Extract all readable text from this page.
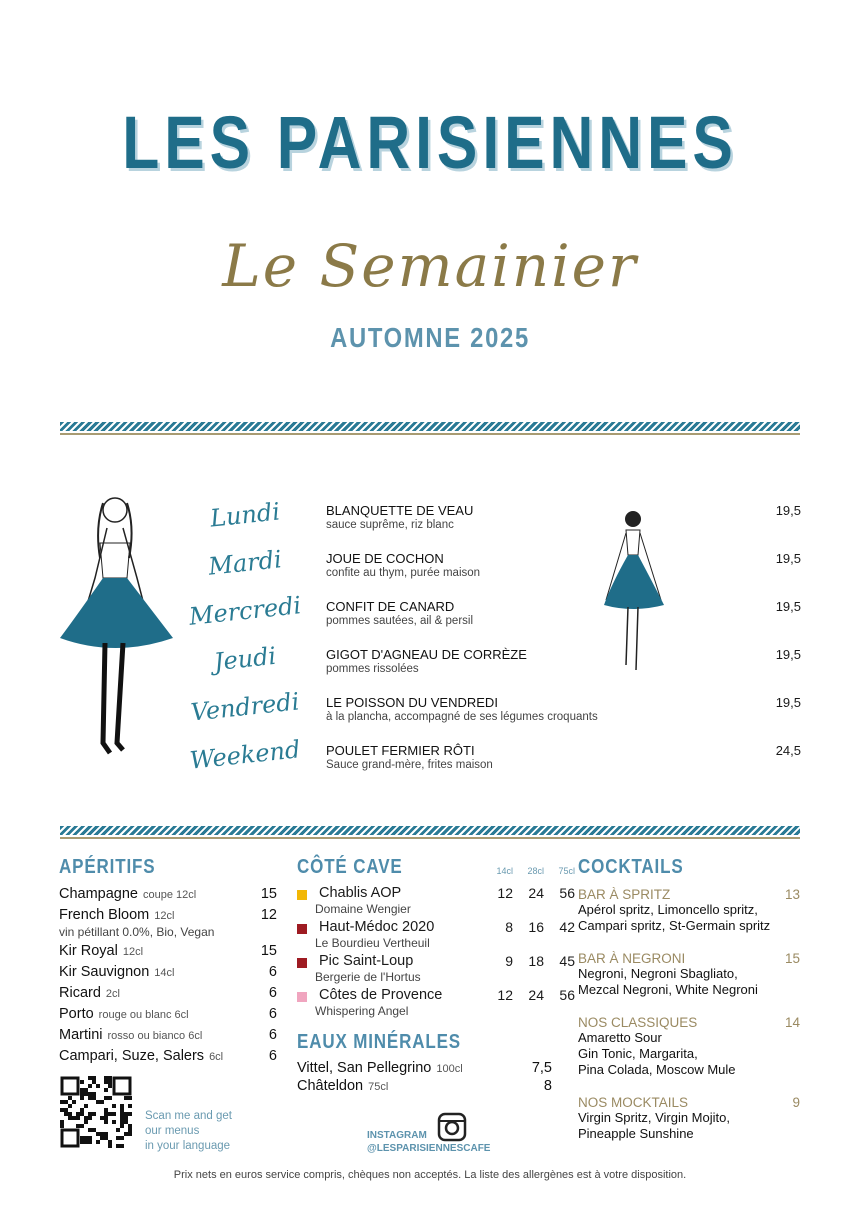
LES PARISIENNES
Le Semainier
AUTOMNE 2025
Lundi	BLANQUETTE DE VEAU
sauce suprême, riz blanc
19,5
Mardi	JOUE DE COCHON
confite au thym, purée maison
19,5
Mercredi CONFIT DE CANARD
pommes sautées, ail & persil
19,5
Jeudi	GIGOT D'AGNEAU DE CORRÈZE
pommes rissolées
19,5
Vendredi	LE POISSON DU VENDREDI
à la plancha, accompagné de ses légumes croquants
19,5
Weekend	POULET FERMIER RÔTI
Sauce grand-mère, frites maison
24,5
APÉRITIFS
Champagne coupe 12cl	15
French Bloom 12cl	12
vin pétillant 0.0%, Bio, Vegan
Kir Royal 12cl	15
Kir Sauvignon 14cl	6
Ricard 2cl	6
Porto rouge ou blanc 6cl	6
Martini rosso ou bianco 6cl	6
Campari, Suze, Salers 6cl	6
Scan me and get
our menus
in your language
CÔTÉ CAVE	14cl	28cl	75cl
Chablis AOP
Domaine Wengier
12	24	56
Haut-Médoc 2020
Le Bourdieu Vertheuil
8	16	42
Pic Saint-Loup
Bergerie de l'Hortus
9	18	45
Côtes de Provence
Whispering Angel
12	24	56
EAUX MINÉRALES
Vittel, San Pellegrino 100cl	7,5
Châteldon 75cl	8
INSTAGRAM
@LESPARISIENNESCAFE
COCKTAILS
BAR À SPRITZ	13
Apérol spritz, Limoncello spritz,
Campari spritz, St-Germain spritz
BAR À NEGRONI	15
Negroni, Negroni Sbagliato,
Mezcal Negroni, White Negroni
NOS CLASSIQUES	14
Amaretto Sour
Gin Tonic, Margarita,
Pina Colada, Moscow Mule
NOS MOCKTAILS	9
Virgin Spritz, Virgin Mojito,
Pineapple Sunshine
Prix nets en euros service compris, chèques non acceptés. La liste des allergènes est à votre disposition.
